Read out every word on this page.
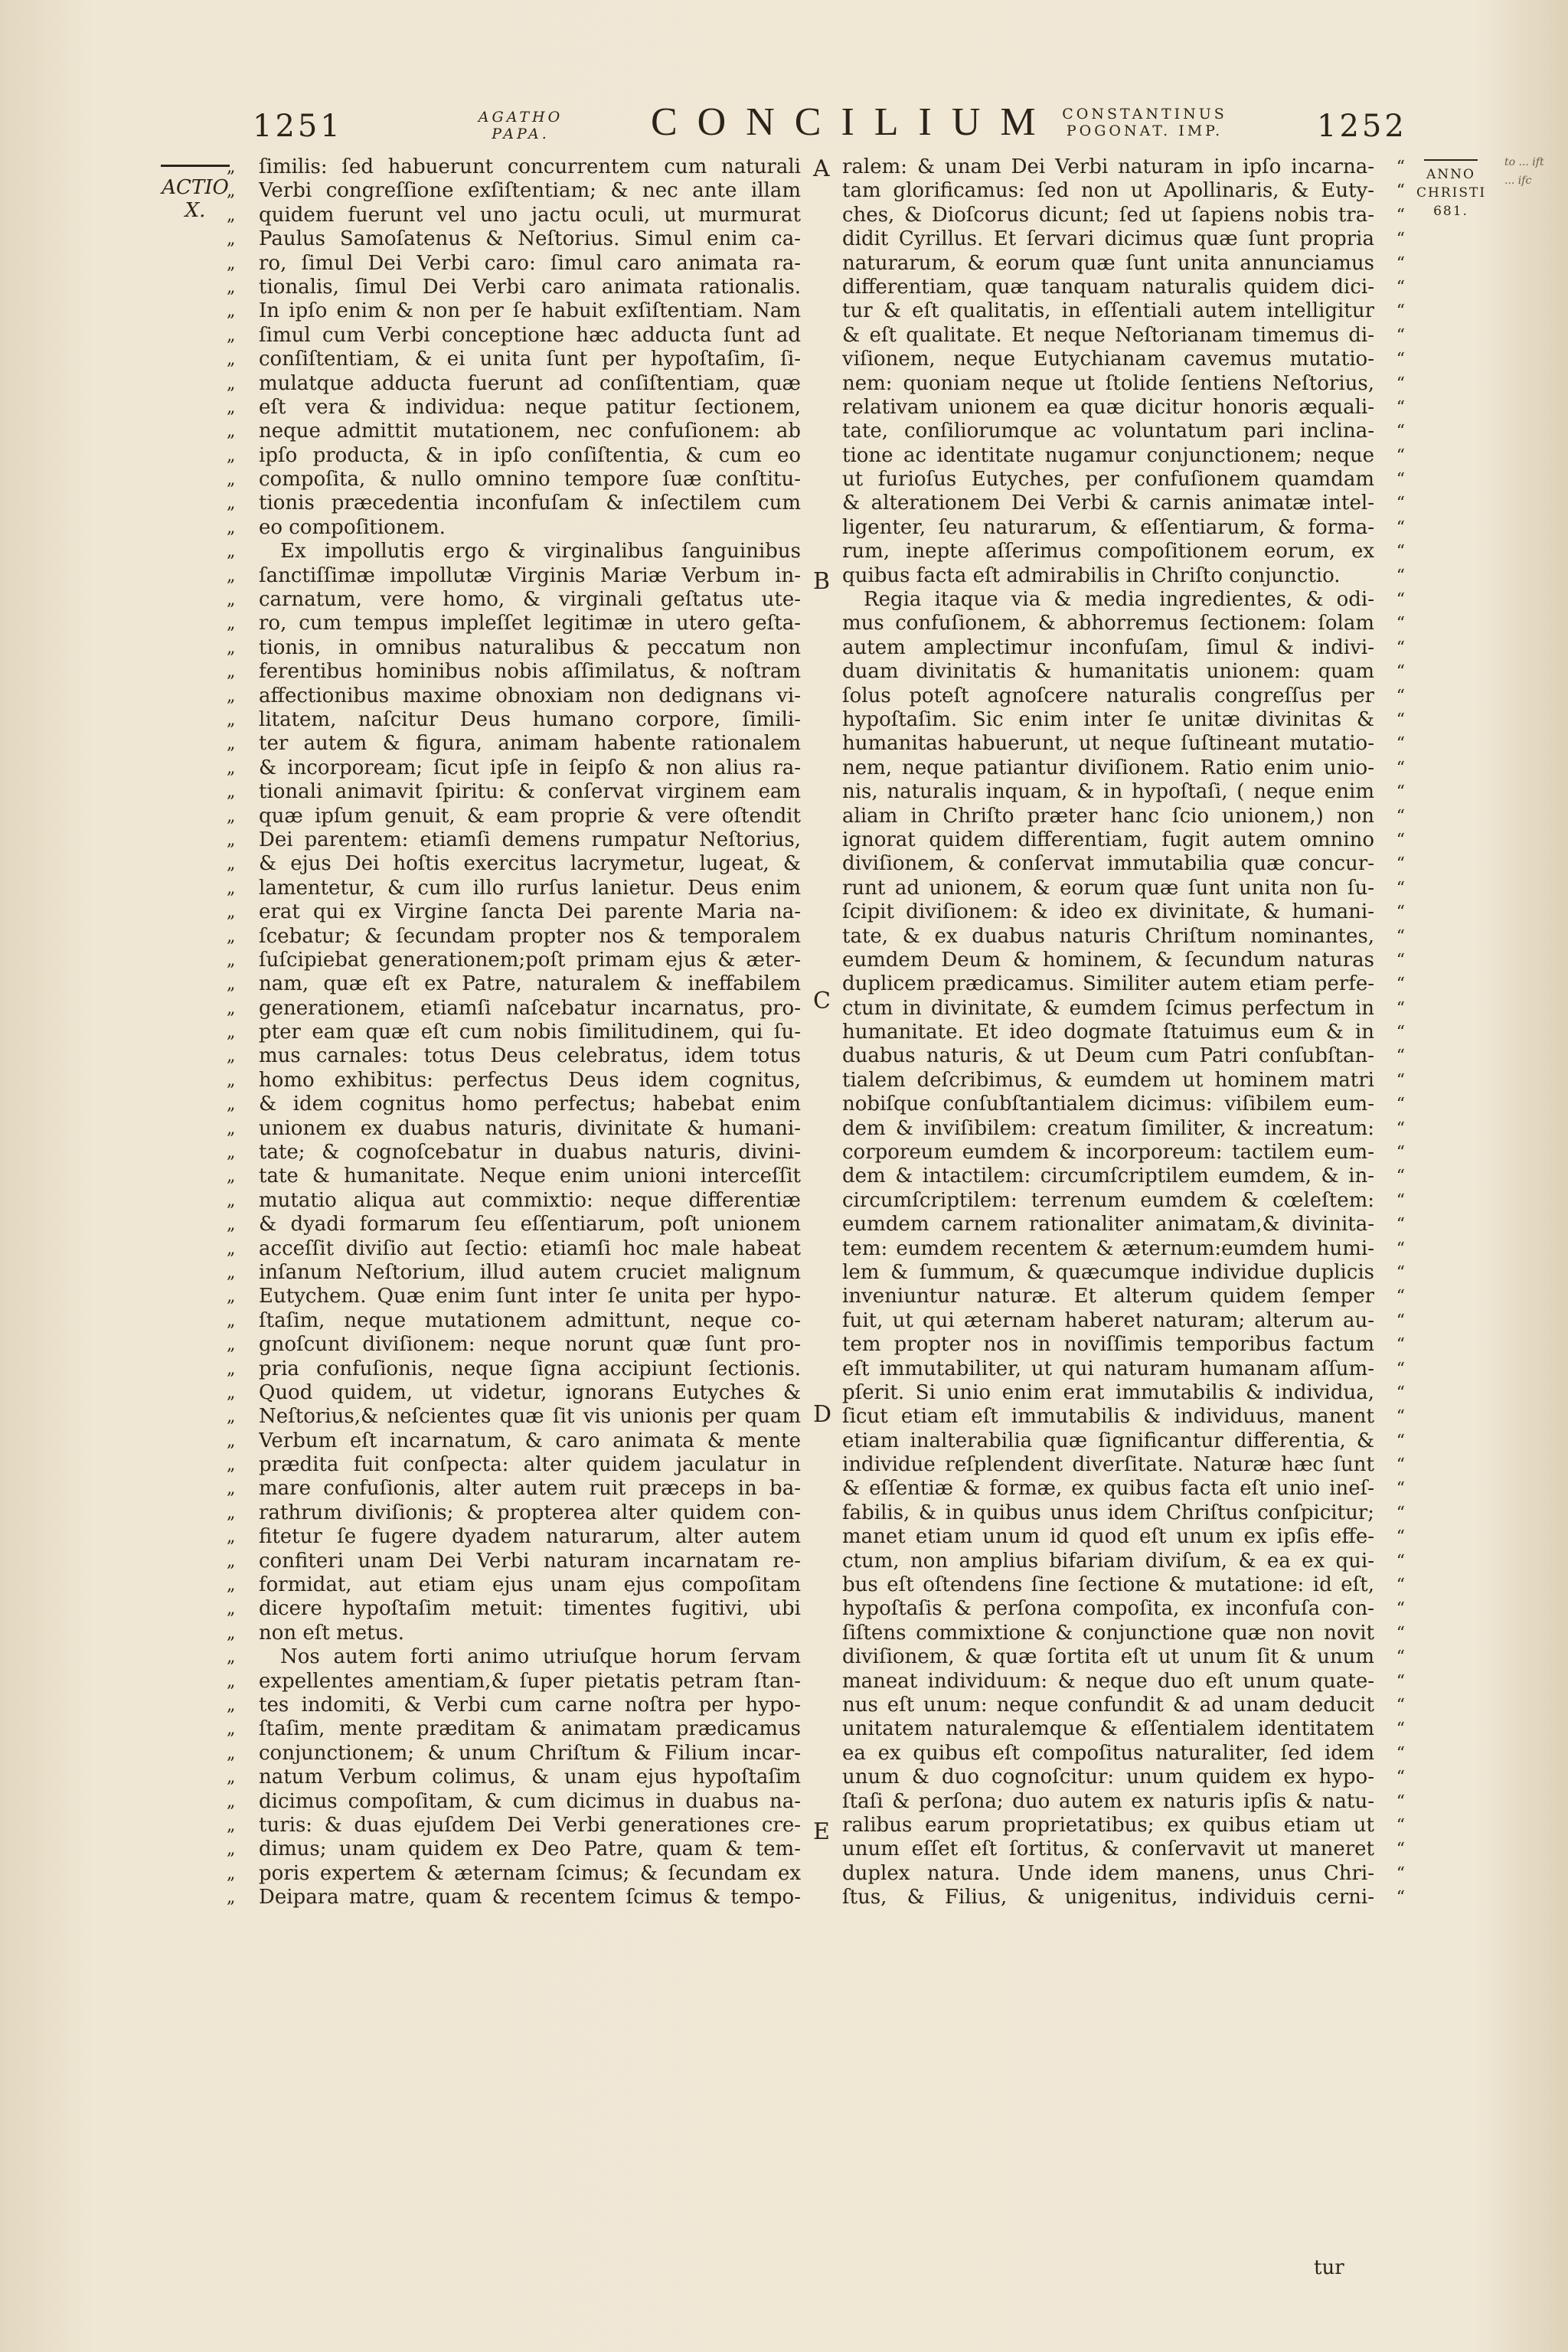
1251	AGATHO PAPA.	CONCILIUM CONSTANTINUS POGONAT. IMP.	1252
ACTIO
X.
ANNO
CHRISTI
681.
„	ſimilis: ſed habuerunt concurrentem cum naturali
„	Verbi congreſſione exſiſtentiam; & nec ante illam
„	quidem fuerunt vel uno jactu oculi, ut murmurat
„	Paulus Samoſatenus & Neſtorius. Simul enim ca-
„	ro, ſimul Dei Verbi caro: ſimul caro animata ra-
„	tionalis, ſimul Dei Verbi caro animata rationalis.
„	In ipſo enim & non per ſe habuit exſiſtentiam. Nam
„	ſimul cum Verbi conceptione hæc adducta ſunt ad
„	conſiſtentiam, & ei unita ſunt per hypoſtaſim, ſi-
„	mulatque adducta fuerunt ad conſiſtentiam, quæ
„	eſt vera & individua: neque patitur ſectionem,
„	neque admittit mutationem, nec confuſionem: ab
„	ipſo producta, & in ipſo conſiſtentia, & cum eo
„	compoſita, & nullo omnino tempore ſuæ conſtitu-
„	tionis præcedentia inconfuſam & inſectilem cum
„	eo compoſitionem.
„	Ex impollutis ergo & virginalibus ſanguinibus
„	ſanctiſſimæ impollutæ Virginis Mariæ Verbum in-
„	carnatum, vere homo, & virginali geſtatus ute-
„	ro, cum tempus impleſſet legitimæ in utero geſta-
„	tionis, in omnibus naturalibus & peccatum non
„	ferentibus hominibus nobis aſſimilatus, & noſtram
„	affectionibus maxime obnoxiam non dedignans vi-
„	litatem, naſcitur Deus humano corpore, ſimili-
„	ter autem & figura, animam habente rationalem
„	& incorpoream; ſicut ipſe in ſeipſo & non alius ra-
„	tionali animavit ſpiritu: & conſervat virginem eam
„	quæ ipſum genuit, & eam proprie & vere oſtendit
„	Dei parentem: etiamſi demens rumpatur Neſtorius,
„	& ejus Dei hoſtis exercitus lacrymetur, lugeat, &
„	lamentetur, & cum illo rurſus lanietur. Deus enim
„	erat qui ex Virgine ſancta Dei parente Maria na-
„	ſcebatur; & ſecundam propter nos & temporalem
„	ſuſcipiebat generationem;poſt primam ejus & æter-
„	nam, quæ eſt ex Patre, naturalem & ineffabilem
„	generationem, etiamſi naſcebatur incarnatus, pro-
„	pter eam quæ eſt cum nobis ſimilitudinem, qui ſu-
„	mus carnales: totus Deus celebratus, idem totus
„	homo exhibitus: perfectus Deus idem cognitus,
„	& idem cognitus homo perfectus; habebat enim
„	unionem ex duabus naturis, divinitate & humani-
„	tate; & cognoſcebatur in duabus naturis, divini-
„	tate & humanitate. Neque enim unioni interceſſit
„	mutatio aliqua aut commixtio: neque differentiæ
„	& dyadi formarum ſeu eſſentiarum, poſt unionem
„	acceſſit diviſio aut ſectio: etiamſi hoc male habeat
„	inſanum Neſtorium, illud autem cruciet malignum
„	Eutychem. Quæ enim ſunt inter ſe unita per hypo-
„	ſtaſim, neque mutationem admittunt, neque co-
„	gnoſcunt diviſionem: neque norunt quæ ſunt pro-
„	pria confuſionis, neque ſigna accipiunt ſectionis.
„	Quod quidem, ut videtur, ignorans Eutyches &
„	Neſtorius,& neſcientes quæ ſit vis unionis per quam
„	Verbum eſt incarnatum, & caro animata & mente
„	prædita fuit conſpecta: alter quidem jaculatur in
„	mare confuſionis, alter autem ruit præceps in ba-
„	rathrum diviſionis; & propterea alter quidem con-
„	fitetur ſe fugere dyadem naturarum, alter autem
„	confiteri unam Dei Verbi naturam incarnatam re-
„	formidat, aut etiam ejus unam ejus compoſitam
„	dicere hypoſtaſim metuit: timentes fugitivi, ubi
„	non eſt metus.
„	Nos autem forti animo utriuſque horum ſervam
„	expellentes amentiam,& ſuper pietatis petram ſtan-
„	tes indomiti, & Verbi cum carne noſtra per hypo-
„	ſtaſim, mente præditam & animatam prædicamus
„	conjunctionem; & unum Chriſtum & Filium incar-
„	natum Verbum colimus, & unam ejus hypoſtaſim
„	dicimus compoſitam, & cum dicimus in duabus na-
„	turis: & duas ejuſdem Dei Verbi generationes cre-
„	dimus; unam quidem ex Deo Patre, quam & tem-
„	poris expertem & æternam ſcimus; & ſecundam ex
„	Deipara matre, quam & recentem ſcimus & tempo-
ralem: & unam Dei Verbi naturam in ipſo incarna-	“
tam glorificamus: ſed non ut Apollinaris, & Euty-	“
ches, & Dioſcorus dicunt; ſed ut ſapiens nobis tra-	“
didit Cyrillus. Et ſervari dicimus quæ ſunt propria	“
naturarum, & eorum quæ ſunt unita annunciamus	“
differentiam, quæ tanquam naturalis quidem dici-	“
tur & eſt qualitatis, in eſſentiali autem intelligitur	“
& eſt qualitate. Et neque Neſtorianam timemus di-	“
viſionem, neque Eutychianam cavemus mutatio-	“
nem: quoniam neque ut ſtolide ſentiens Neſtorius,	“
relativam unionem ea quæ dicitur honoris æquali-	“
tate, conſiliorumque ac voluntatum pari inclina-	“
tione ac identitate nugamur conjunctionem; neque	“
ut furioſus Eutyches, per confuſionem quamdam	“
& alterationem Dei Verbi & carnis animatæ intel-	“
ligenter, ſeu naturarum, & eſſentiarum, & forma-	“
rum, inepte aſſerimus compoſitionem eorum, ex	“
quibus facta eſt admirabilis in Chriſto conjunctio.	“
Regia itaque via & media ingredientes, & odi-	“
mus confuſionem, & abhorremus ſectionem: ſolam	“
autem amplectimur inconfuſam, ſimul & indivi-	“
duam divinitatis & humanitatis unionem: quam	“
ſolus poteſt agnoſcere naturalis congreſſus per	“
hypoſtaſim. Sic enim inter ſe unitæ divinitas &	“
humanitas habuerunt, ut neque ſuſtineant mutatio-	“
nem, neque patiantur diviſionem. Ratio enim unio-	“
nis, naturalis inquam, & in hypoſtaſi, ( neque enim	“
aliam in Chriſto præter hanc ſcio unionem,) non	“
ignorat quidem differentiam, fugit autem omnino	“
diviſionem, & conſervat immutabilia quæ concur-	“
runt ad unionem, & eorum quæ ſunt unita non ſu-	“
ſcipit diviſionem: & ideo ex divinitate, & humani-	“
tate, & ex duabus naturis Chriſtum nominantes,	“
eumdem Deum & hominem, & ſecundum naturas	“
duplicem prædicamus. Similiter autem etiam perfe-	“
ctum in divinitate, & eumdem ſcimus perfectum in	“
humanitate. Et ideo dogmate ſtatuimus eum & in	“
duabus naturis, & ut Deum cum Patri conſubſtan-	“
tialem deſcribimus, & eumdem ut hominem matri	“
nobiſque conſubſtantialem dicimus: viſibilem eum-	“
dem & inviſibilem: creatum ſimiliter, & increatum:	“
corporeum eumdem & incorporeum: tactilem eum-	“
dem & intactilem: circumſcriptilem eumdem, & in-	“
circumſcriptilem: terrenum eumdem & cœleſtem:	“
eumdem carnem rationaliter animatam,& divinita-	“
tem: eumdem recentem & æternum:eumdem humi-	“
lem & ſummum, & quæcumque individue duplicis	“
inveniuntur naturæ. Et alterum quidem ſemper	“
fuit, ut qui æternam haberet naturam; alterum au-	“
tem propter nos in noviſſimis temporibus factum	“
eſt immutabiliter, ut qui naturam humanam aſſum-	“
pſerit. Si unio enim erat immutabilis & individua,	“
ſicut etiam eſt immutabilis & individuus, manent	“
etiam inalterabilia quæ ſignificantur differentia, &	“
individue reſplendent diverſitate. Naturæ hæc ſunt	“
& eſſentiæ & formæ, ex quibus facta eſt unio ineſ-	“
fabilis, & in quibus unus idem Chriſtus conſpicitur;	“
manet etiam unum id quod eſt unum ex ipſis effe-	“
ctum, non amplius bifariam diviſum, & ea ex qui-	“
bus eſt oſtendens ſine ſectione & mutatione: id eſt,	“
hypoſtaſis & perſona compoſita, ex inconfuſa con-	“
ſiſtens commixtione & conjunctione quæ non novit	“
diviſionem, & quæ ſortita eſt ut unum ſit & unum	“
maneat individuum: & neque duo eſt unum quate-	“
nus eſt unum: neque confundit & ad unam deducit	“
unitatem naturalemque & eſſentialem identitatem	“
ea ex quibus eſt compoſitus naturaliter, ſed idem	“
unum & duo cognoſcitur: unum quidem ex hypo-	“
ſtaſi & perſona; duo autem ex naturis ipſis & natu-	“
ralibus earum proprietatibus; ex quibus etiam ut	“
unum eſſet eſt ſortitus, & conſervavit ut maneret	“
duplex natura. Unde idem manens, unus Chri-	“
ſtus, & Filius, & unigenitus, individuis cerni-	“
A
B
C
D
E
tur
to ... ift ... ifc
